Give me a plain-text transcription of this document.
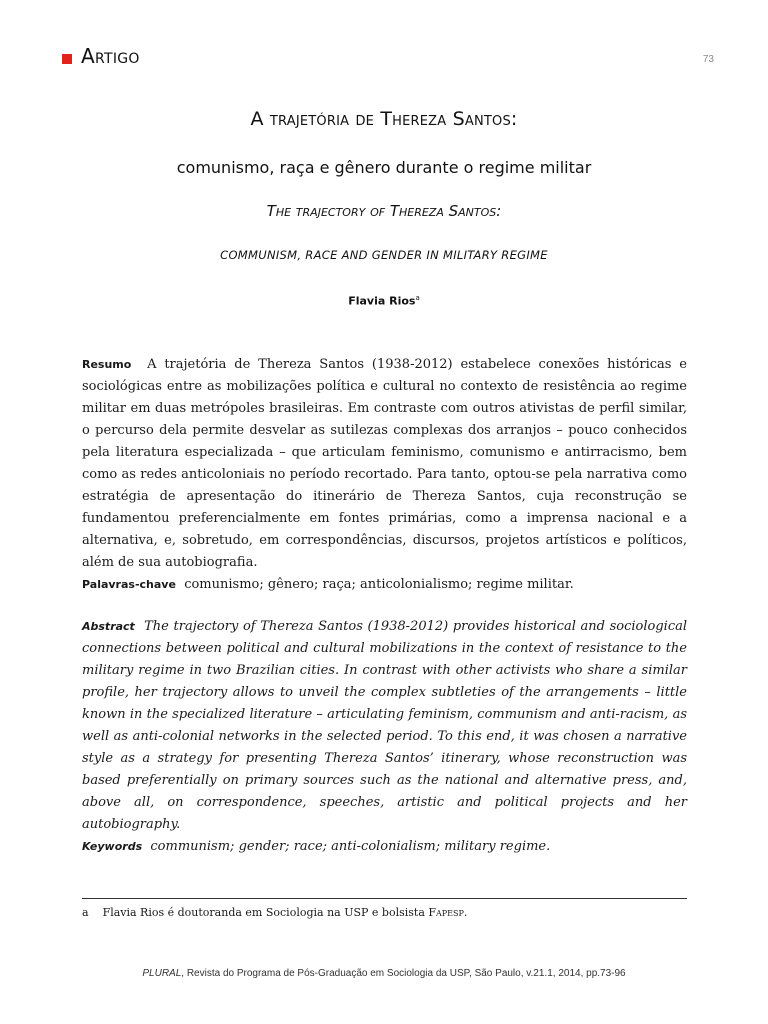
Artigo	73
A trajetória de Thereza Santos:
comunismo, raça e gênero durante o regime militar
The trajectory of Thereza Santos:
COMMUNISM, RACE AND GENDER IN MILITARY REGIME
Flavia Rios$^a$

Resumo A trajetória de Thereza Santos (1938-2012) estabelece conexões históricas e sociológicas entre as mobilizações política e cultural no contexto de resistência ao regime militar em duas metrópoles brasileiras. Em contraste com outros ativistas de perfil similar, o percurso dela permite desvelar as sutilezas complexas dos arranjos – pouco conhecidos pela literatura especializada – que articulam feminismo, comunismo e antirracismo, bem como as redes anticoloniais no período recortado. Para tanto, optou-se pela narrativa como estratégia de apresentação do itinerário de Thereza Santos, cuja reconstrução se fundamentou preferencialmente em fontes primárias, como a imprensa nacional e a alternativa, e, sobretudo, em correspondências, discursos, projetos artísticos e políticos, além de sua autobiografia.

Palavras-chave comunismo; gênero; raça; anticolonialismo; regime militar.

Abstract The trajectory of Thereza Santos (1938-2012) provides historical and sociological connections between political and cultural mobilizations in the context of resistance to the military regime in two Brazilian cities. In contrast with other activists who share a similar profile, her trajectory allows to unveil the complex subtleties of the arrangements – little known in the specialized literature – articulating feminism, communism and anti-racism, as well as anti-colonial networks in the selected period. To this end, it was chosen a narrative style as a strategy for presenting Thereza Santos’ itinerary, whose reconstruction was based preferentially on primary sources such as the national and alternative press, and, above all, on correspondence, speeches, artistic and political projects and her autobiography.

Keywords communism; gender; race; anti-colonialism; military regime.

a Flavia Rios é doutoranda em Sociologia na USP e bolsista Fapesp.
PLURAL, Revista do Programa de Pós-Graduação em Sociologia da USP, São Paulo, v.21.1, 2014, pp.73-96
